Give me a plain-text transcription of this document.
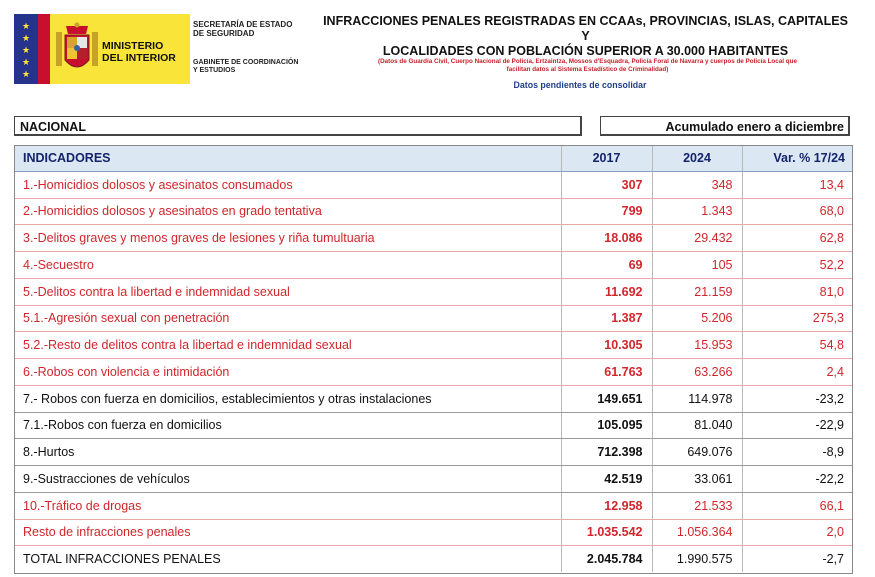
★
★
★
★
★
MINISTERIO
DEL INTERIOR
SECRETARÍA DE ESTADO
DE SEGURIDAD
GABINETE DE COORDINACIÓN
Y ESTUDIOS
INFRACCIONES PENALES REGISTRADAS EN CCAAs, PROVINCIAS, ISLAS, CAPITALES Y
LOCALIDADES CON POBLACIÓN SUPERIOR A 30.000 HABITANTES
(Datos de Guardia Civil, Cuerpo Nacional de Policía, Ertzaintza, Mossos d'Esquadra, Policía Foral de Navarra y cuerpos de Policía Local que
facilitan datos al Sistema Estadístico de Criminalidad)
Datos pendientes de consolidar
NACIONAL	Acumulado enero a diciembre
INDICADORES	2017	2024	Var. % 17/24
1.-Homicidios dolosos y asesinatos consumados	307	348	13,4
2.-Homicidios dolosos y asesinatos en grado tentativa	799	1.343	68,0
3.-Delitos graves y menos graves de lesiones y riña tumultuaria	18.086	29.432	62,8
4.-Secuestro	69	105	52,2
5.-Delitos contra la libertad e indemnidad sexual	11.692	21.159	81,0
5.1.-Agresión sexual con penetración	1.387	5.206	275,3
5.2.-Resto de delitos contra la libertad e indemnidad sexual	10.305	15.953	54,8
6.-Robos con violencia e intimidación	61.763	63.266	2,4
7.- Robos con fuerza en domicilios, establecimientos y otras instalaciones	149.651	114.978	-23,2
7.1.-Robos con fuerza en domicilios	105.095	81.040	-22,9
8.-Hurtos	712.398	649.076	-8,9
9.-Sustracciones de vehículos	42.519	33.061	-22,2
10.-Tráfico de drogas	12.958	21.533	66,1
Resto de infracciones penales	1.035.542	1.056.364	2,0
TOTAL INFRACCIONES PENALES	2.045.784	1.990.575	-2,7
